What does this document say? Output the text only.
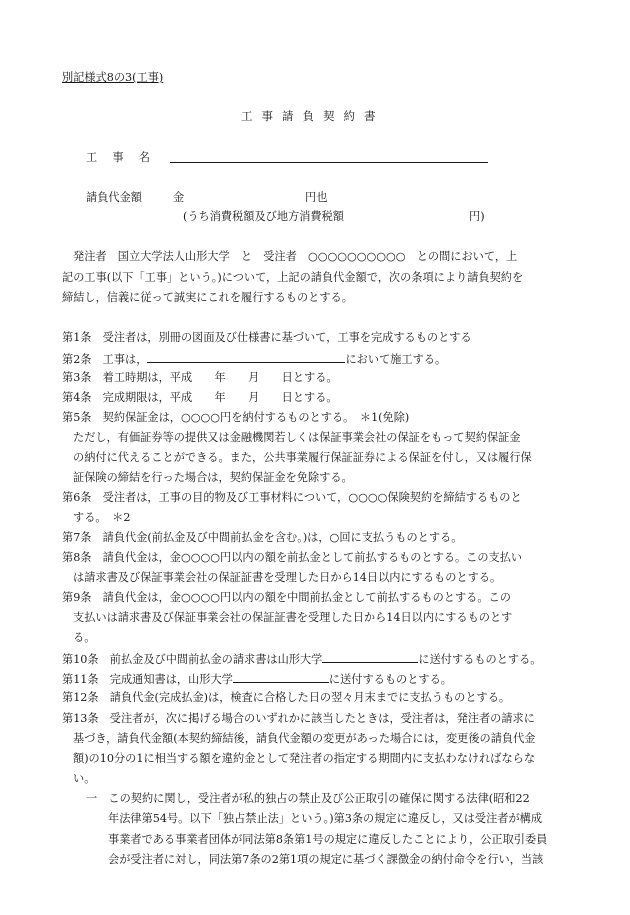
別記様式8の3(工事)
工事請負契約書
工　事　名
請負代金額	金	円也
(うち消費税額及び地方消費税額	円)
発注者　国立大学法人山形大学　と　受注者　○○○○○○○○○○　との間において，上
記の工事(以下「工事」という。)について，上記の請負代金額で，次の条項により請負契約を
締結し，信義に従って誠実にこれを履行するものとする。
第1条　受注者は，別冊の図面及び仕様書に基づいて，工事を完成するものとする
第2条　工事は，	において施工する。
第3条　着工時期は，平成　　年　　月　　日とする。
第4条　完成期限は，平成　　年　　月　　日とする。
第5条　契約保証金は，○○○○円を納付するものとする。　＊1(免除)
ただし，有価証券等の提供又は金融機関若しくは保証事業会社の保証をもって契約保証金
の納付に代えることができる。また，公共事業履行保証証券による保証を付し，又は履行保
証保険の締結を行った場合は，契約保証金を免除する。
第6条　受注者は，工事の目的物及び工事材料について，○○○○保険契約を締結するものと
する。　＊2
第7条　請負代金(前払金及び中間前払金を含む。)は，○回に支払うものとする。
第8条　請負代金は，金○○○○円以内の額を前払金として前払するものとする。この支払い
は請求書及び保証事業会社の保証証書を受理した日から14日以内にするものとする。
第9条　請負代金は，金○○○○円以内の額を中間前払金として前払するものとする。この
支払いは請求書及び保証事業会社の保証証書を受理した日から14日以内にするものとす
る。
第10条　前払金及び中間前払金の請求書は山形大学	に送付するものとする。
第11条　完成通知書は，山形大学	に送付するものとする。
第12条　請負代金(完成払金)は，検査に合格した日の翌々月末までに支払うものとする。
第13条　受注者が，次に掲げる場合のいずれかに該当したときは，受注者は，発注者の請求に
基づき，請負代金額(本契約締結後，請負代金額の変更があった場合には，変更後の請負代金
額)の10分の1に相当する額を違約金として発注者の指定する期間内に支払わなければならな
い。
一　この契約に関し，受注者が私的独占の禁止及び公正取引の確保に関する法律(昭和22
年法律第54号。以下「独占禁止法」という。)第3条の規定に違反し，又は受注者が構成
事業者である事業者団体が同法第8条第1号の規定に違反したことにより，公正取引委員
会が受注者に対し，同法第7条の2第1項の規定に基づく課徴金の納付命令を行い，当該
